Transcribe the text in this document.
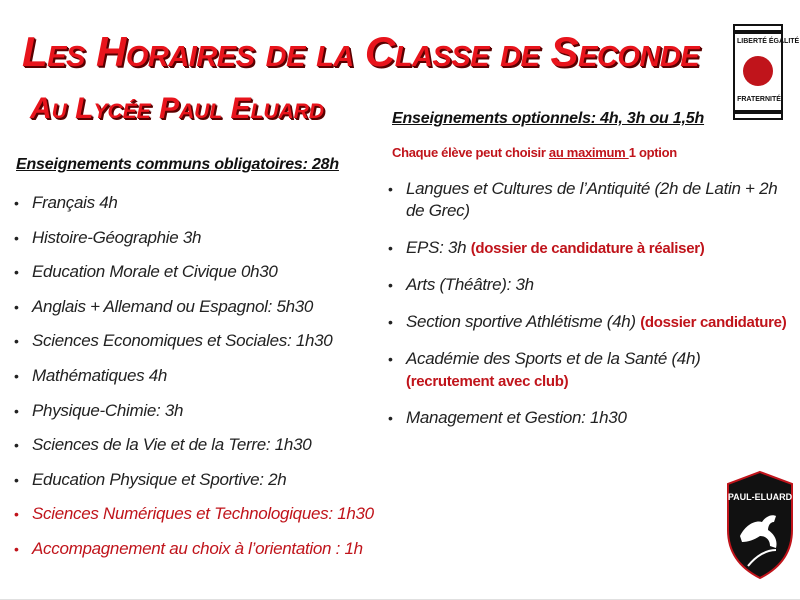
Les Horaires de la Classe de Seconde
Au Lycée Paul Eluard
LIBERTÉ ÉGALITÉ
FRATERNITÉ
Enseignements communs obligatoires: 28h
• Français 4h
• Histoire-Géographie 3h
• Education Morale et Civique 0h30
• Anglais + Allemand ou Espagnol: 5h30
• Sciences Economiques et Sociales: 1h30
• Mathématiques 4h
• Physique-Chimie: 3h
• Sciences de la Vie et de la Terre: 1h30
• Education Physique et Sportive: 2h
• Sciences Numériques et Technologiques: 1h30
• Accompagnement au choix à l’orientation : 1h
Enseignements optionnels: 4h, 3h ou 1,5h
Chaque élève peut choisir au maximum 1 option
• Langues et Cultures de l’Antiquité (2h de Latin + 2h de Grec)
• EPS: 3h (dossier de candidature à réaliser)
• Arts (Théâtre): 3h
• Section sportive Athlétisme (4h) (dossier candidature)
• Académie des Sports et de la Santé (4h) (recrutement avec club)
• Management et Gestion: 1h30
PAUL-ELUARD
